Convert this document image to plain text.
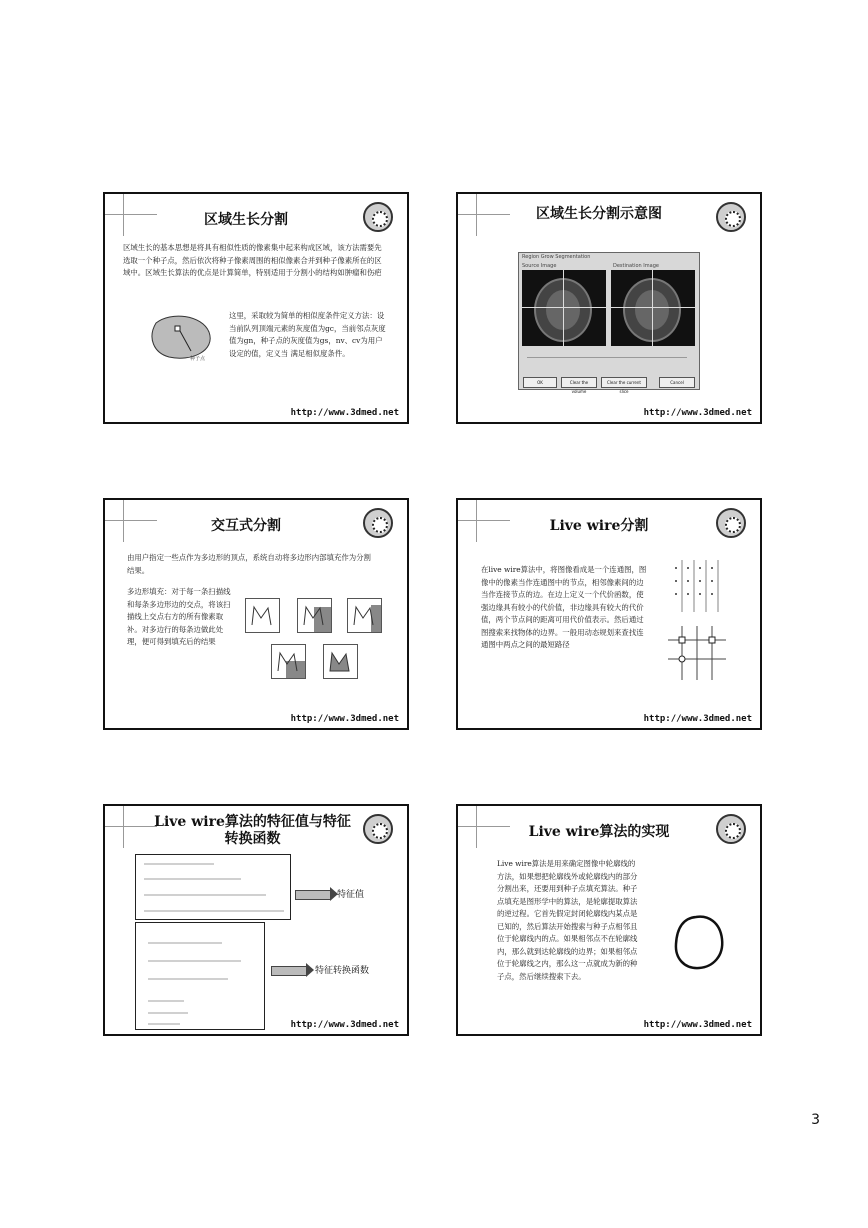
区域生长分割
区域生长的基本思想是将具有相似性质的像素集中起来构成区域，该方法需要先选取一个种子点，然后依次将种子像素周围的相似像素合并到种子像素所在的区域中。区域生长算法的优点是计算简单，特别适用于分割小的结构如肿瘤和伤疤
种子点
这里，采取较为简单的相似度条件定义方法：设当前队列顶端元素的灰度值为gc，当前邻点灰度值为gn，种子点的灰度值为gs，nv、cv为用户设定的值，定义当 满足相似度条件。
http://www.3dmed.net
区域生长分割示意图
Region Grow Segmentation
Source Image	Destination Image
OK	Clear the volume
Clear the current slice
Cancel
http://www.3dmed.net
交互式分割
由用户指定一些点作为多边形的顶点，系统自动将多边形内部填充作为分割结果。
多边形填充：对于每一条扫描线和每条多边形边的交点，将该扫描线上交点右方的所有像素取补。对多边行的每条边做此处理，便可得到填充后的结果
http://www.3dmed.net
Live wire分割
在live wire算法中，将图像看成是一个连通图，图像中的像素当作连通图中的节点，相邻像素间的边当作连接节点的边。在边上定义一个代价函数，使强边缘具有较小的代价值，非边缘具有较大的代价值，两个节点间的距离可用代价值表示。然后通过图搜索来找物体的边界。一般用动态规划来查找连通图中两点之间的最短路径
http://www.3dmed.net
Live wire算法的特征值与特征转换函数
特征值
特征转换函数
http://www.3dmed.net
Live wire算法的实现
Live wire算法是用来确定图像中轮廓线的方法，如果想把轮廓线外或轮廓线内的部分分割出来，还要用到种子点填充算法。种子点填充是图形学中的算法，是轮廓提取算法的逆过程。它首先假定封闭轮廓线内某点是已知的，然后算法开始搜索与种子点相邻且位于轮廓线内的点。如果相邻点不在轮廓线内，那么就到达轮廓线的边界；如果相邻点位于轮廓线之内，那么这一点就成为新的种子点，然后继续搜索下去。
http://www.3dmed.net
3
